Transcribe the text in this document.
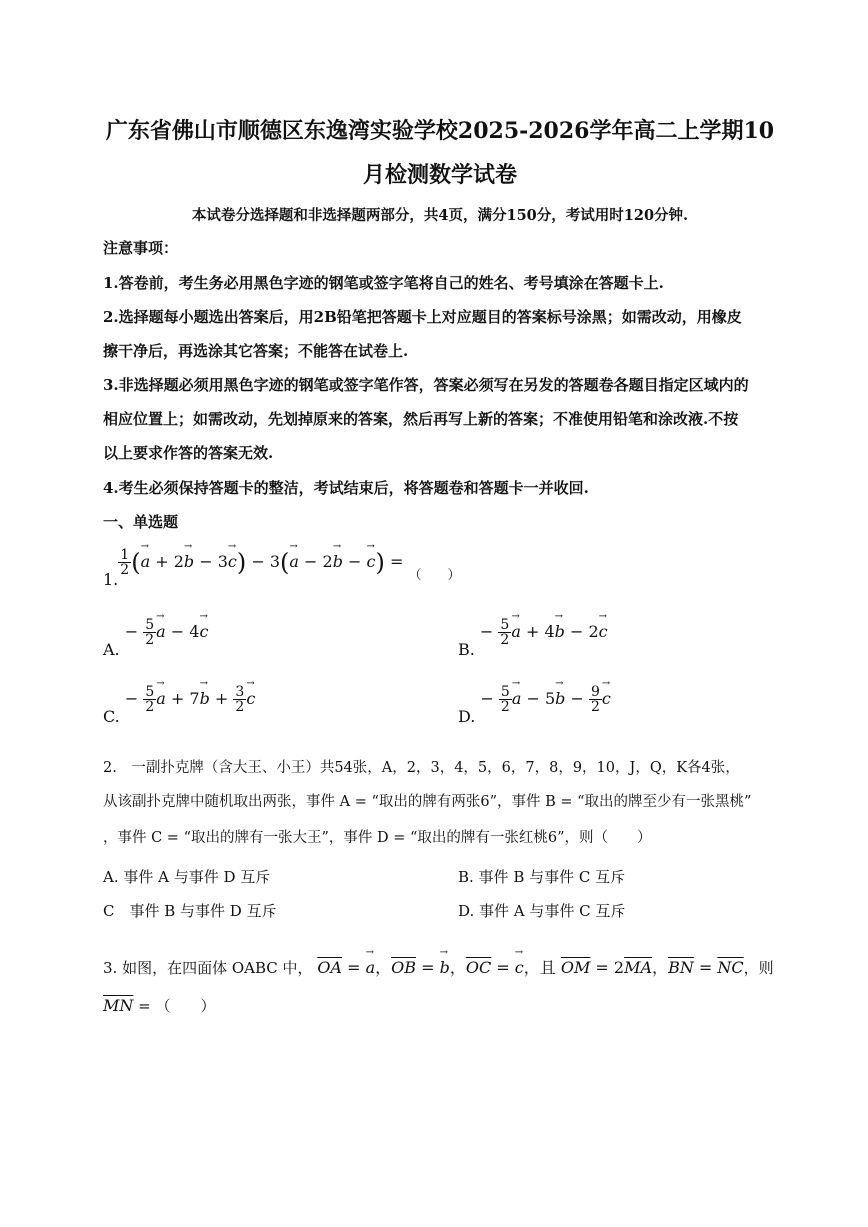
广东省佛山市顺德区东逸湾实验学校2025-2026学年高二上学期10
月检测数学试卷
本试卷分选择题和非选择题两部分，共4页，满分150分，考试用时120分钟.
注意事项：
1.答卷前，考生务必用黑色字迹的钢笔或签字笔将自己的姓名、考号填涂在答题卡上.
2.选择题每小题选出答案后，用2B铅笔把答题卡上对应题目的答案标号涂黑；如需改动，用橡皮
擦干净后，再选涂其它答案；不能答在试卷上.
3.非选择题必须用黑色字迹的钢笔或签字笔作答，答案必须写在另发的答题卷各题目指定区域内的
相应位置上；如需改动，先划掉原来的答案，然后再写上新的答案；不准使用铅笔和涂改液.不按
以上要求作答的答案无效.
4.考生必须保持答题卡的整洁，考试结束后，将答题卷和答题卡一并收回.
一、单选题
1.
$\frac{1}{2}$ (→ a + 2→ b − 3→ c) − 3(→ a − 2→ b − → c) = $_{( )}$
A. − $\frac{5}{2} \to a - 4\to c$
B. − $\frac{5}{2} \to a + 4\to b - 2\to c$
C. − $\frac{5}{2} \to a + 7\to b + \frac{3}{2} \to c$
D. − $\frac{5}{2} \to a - 5\to b - \frac{9}{2} \to c$
2.　一副扑克牌（含大王、小王）共54张，A，2，3，4，5，6，7，8，9，10，J，Q，K各4张，
从该副扑克牌中随机取出两张，事件 A = “取出的牌有两张6”，事件 B = “取出的牌至少有一张黑桃”
，事件 C = “取出的牌有一张大王”，事件 D = “取出的牌有一张红桃6”，则（　　）
A. 事件 A 与事件 D 互斥	B. 事件 B 与事件 C 互斥
C　事件 B 与事件 D 互斥	D. 事件 A 与事件 C 互斥
3. 如图，在四面体 OABC 中， $\overline{OA}$ = → a，$\overline{OB}$ = → b，$\overline{OC}$ = → c，且 $\overline{OM} = 2\overline{MA}$，$\overline{BN} = \overline{NC}$，则
$\overline{MN}$ = （　　）
